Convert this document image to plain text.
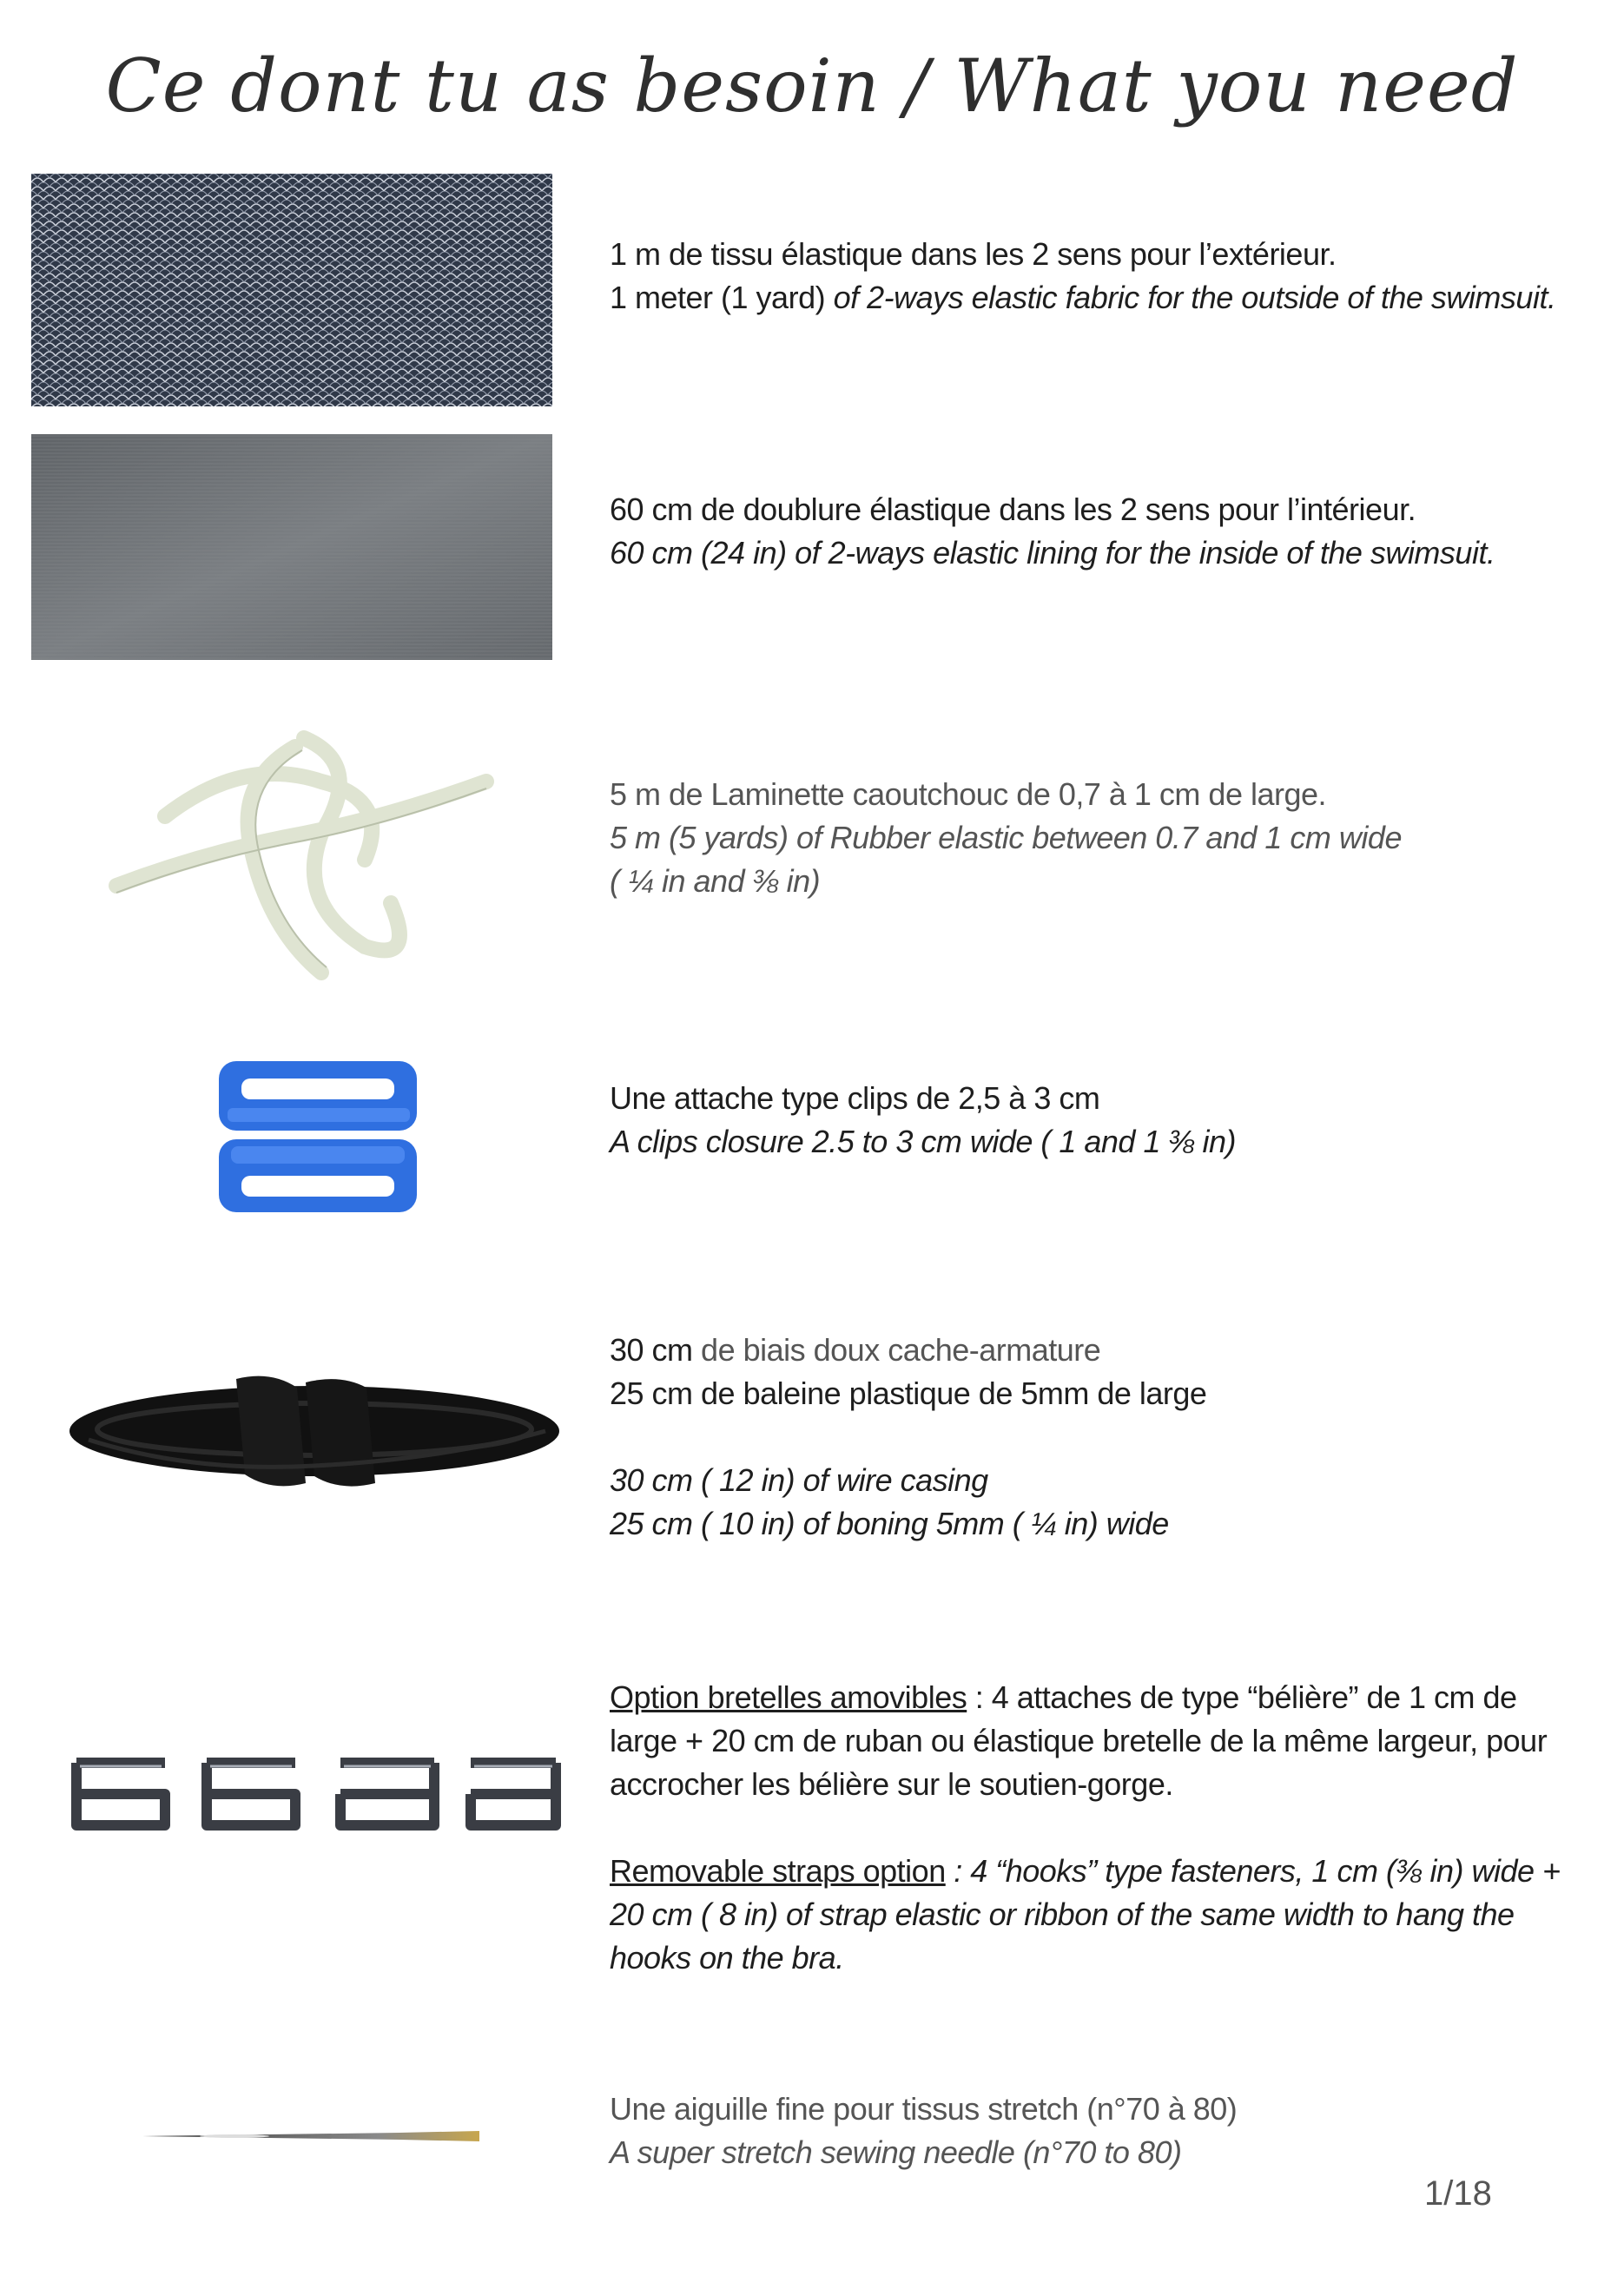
Ce dont tu as besoin / What you need

1 m de tissu élastique dans les 2 sens pour l’extérieur.

1 meter (1 yard) of 2-ways elastic fabric for the outside of the swimsuit.

60 cm de doublure élastique dans les 2 sens pour l’intérieur.

60 cm (24 in) of 2-ways elastic lining for the inside of the swimsuit.

5 m de Laminette caoutchouc de 0,7 à 1 cm de large.

5 m (5 yards) of Rubber elastic between 0.7 and 1 cm wide

( ¼ in and ⅜ in)

Une attache type clips de 2,5 à 3 cm

A clips closure 2.5 to 3 cm wide ( 1 and 1 ⅜ in)

30 cm de biais doux cache-armature

25 cm de baleine plastique de 5mm de large

30 cm ( 12 in) of wire casing

25 cm ( 10 in) of boning 5mm ( ¼ in) wide

Option bretelles amovibles : 4 attaches de type “bélière” de 1 cm de large + 20 cm de ruban ou élastique bretelle de la même largeur, pour accrocher les bélière sur le soutien-gorge.

Removable straps option : 4 “hooks” type fasteners, 1 cm (⅜ in) wide + 20 cm ( 8 in) of strap elastic or ribbon of the same width to hang the hooks on the bra.

Une aiguille fine pour tissus stretch (n°70 à 80)

A super stretch sewing needle (n°70 to 80)

1/18
